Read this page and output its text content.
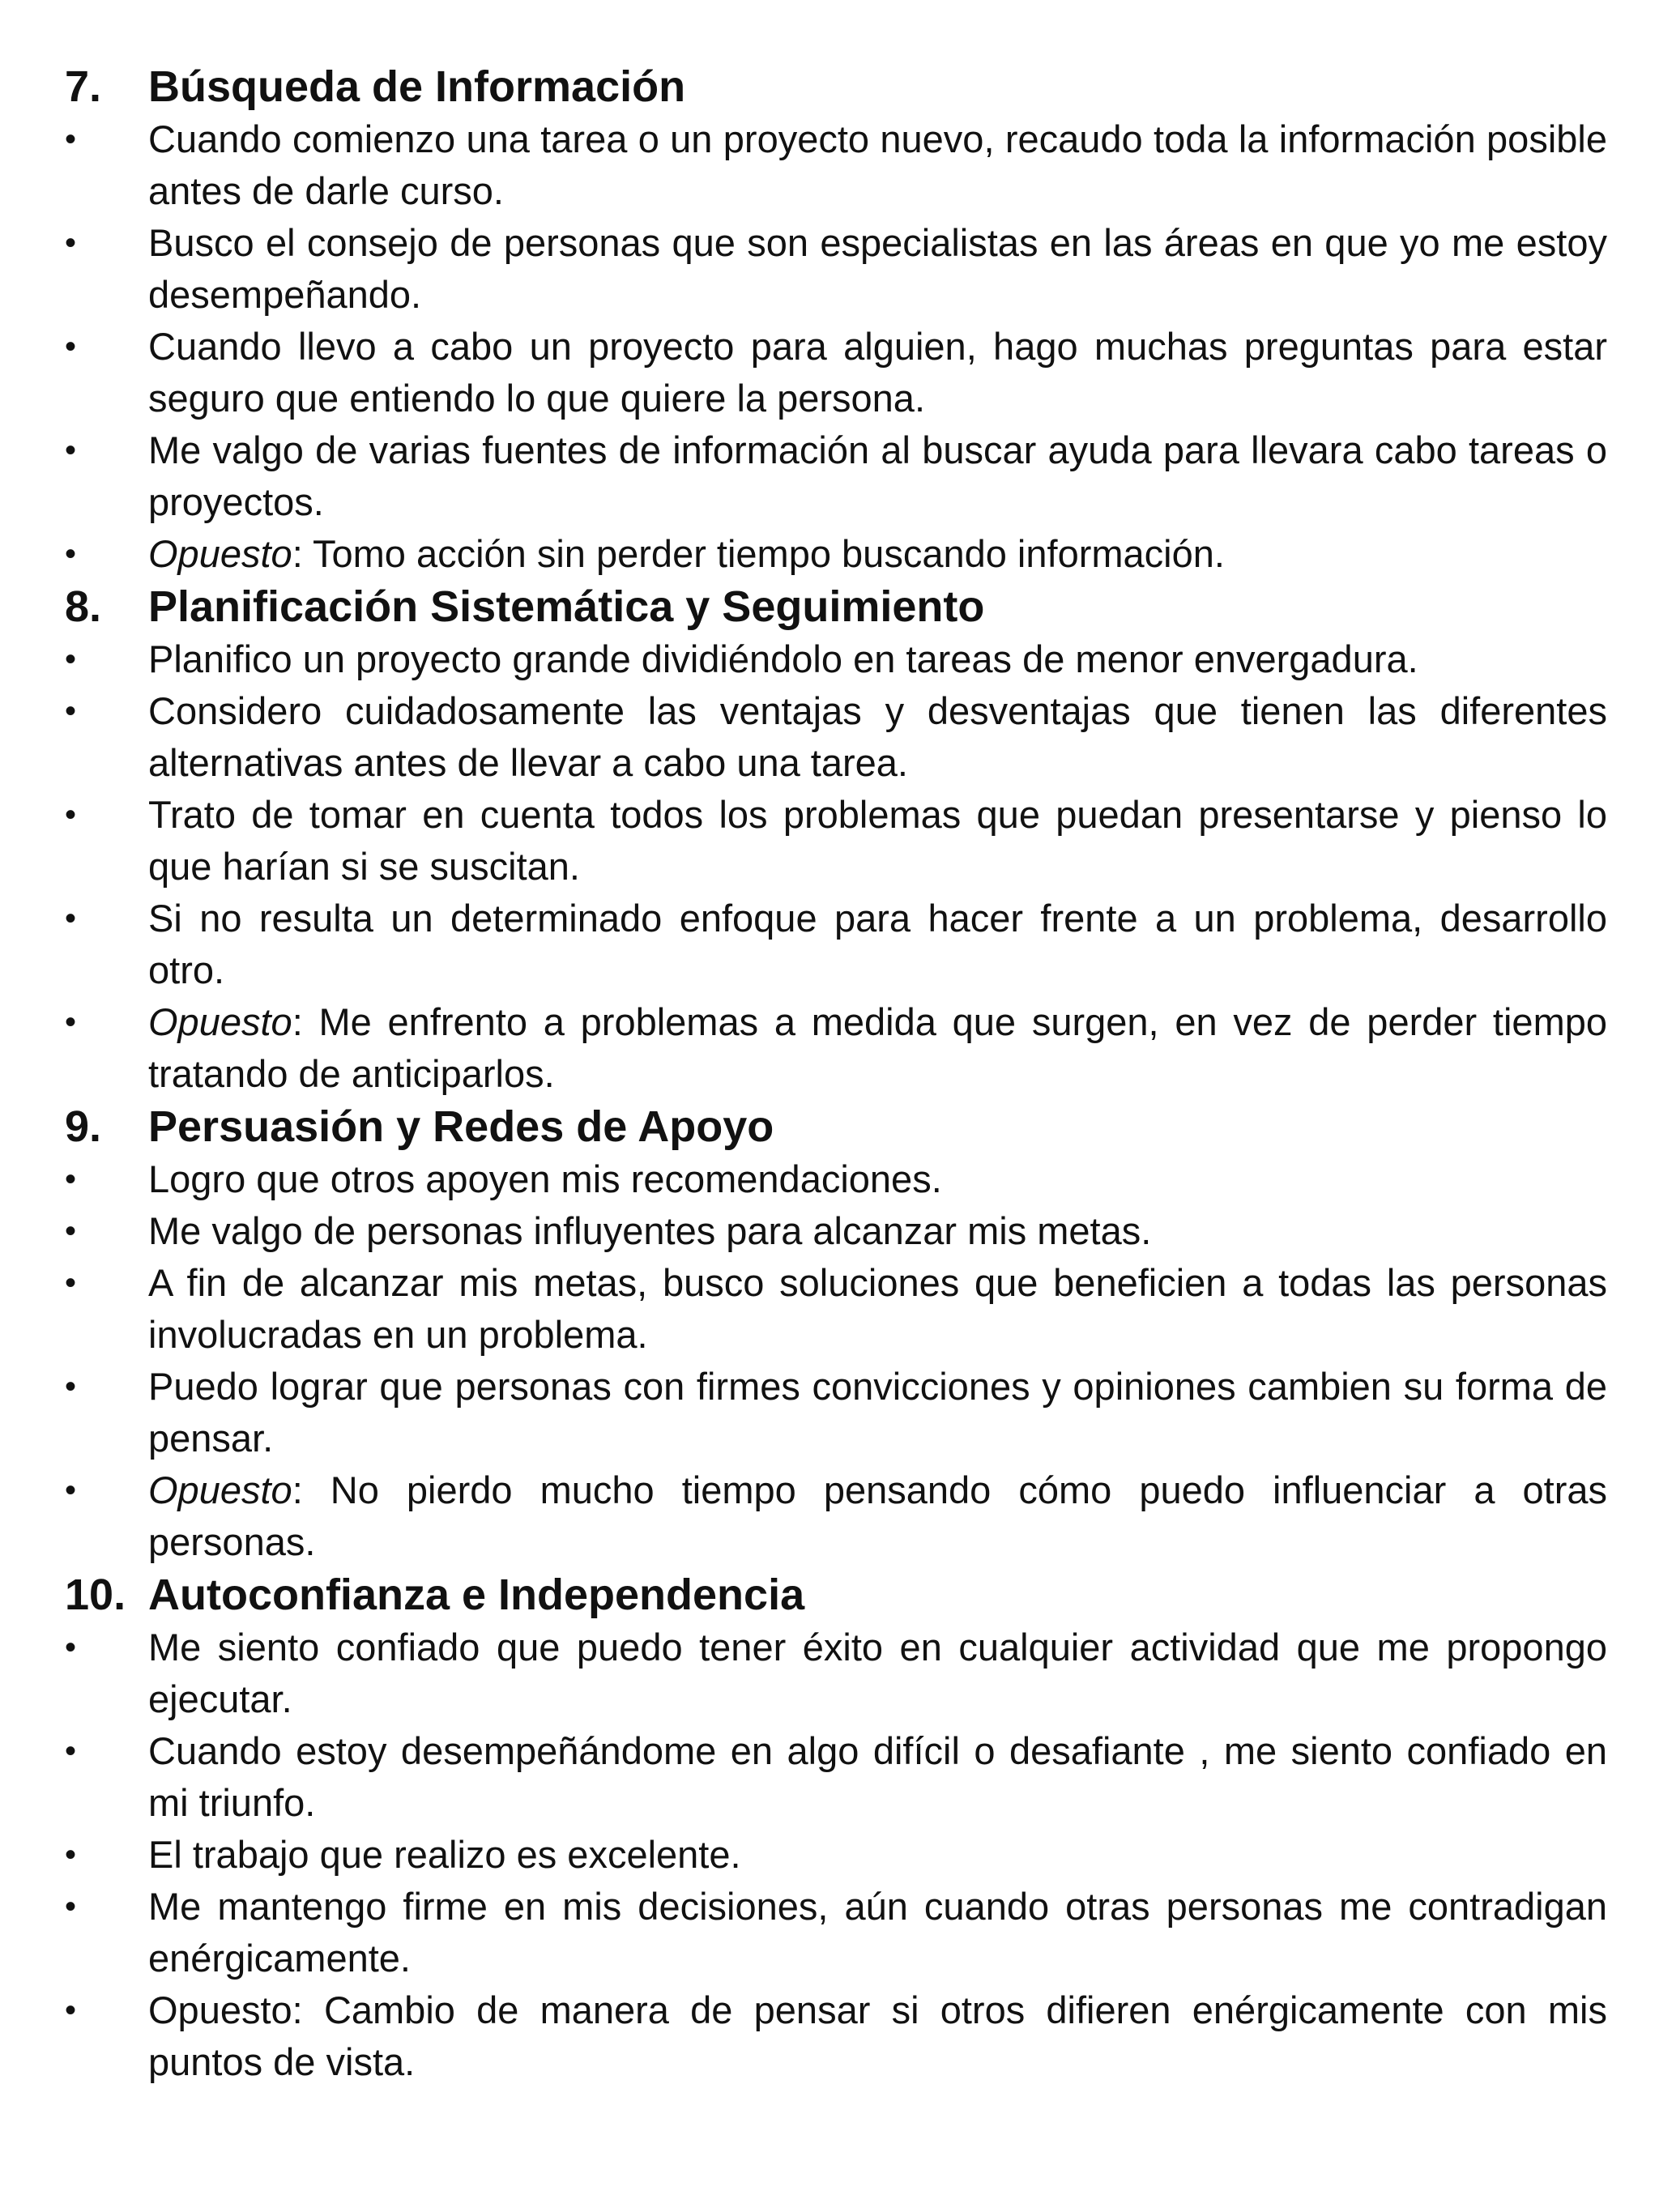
7.	Búsqueda de Información
•	Cuando comienzo una tarea o un proyecto nuevo, recaudo toda la información posible antes de darle curso.
•	Busco el consejo de personas que son especialistas en las áreas en que yo me estoy desempeñando.
•	Cuando llevo a cabo un proyecto para alguien, hago muchas preguntas para estar seguro que entiendo lo que quiere la persona.
•	Me valgo de varias fuentes de información al buscar ayuda para llevara cabo tareas o proyectos.
•	Opuesto: Tomo acción sin perder tiempo buscando información.
8.	Planificación Sistemática y Seguimiento
•	Planifico un proyecto grande dividiéndolo en tareas de menor envergadura.
•	Considero cuidadosamente las ventajas y desventajas que tienen las diferentes alternativas antes de llevar a cabo una tarea.
•	Trato de tomar en cuenta todos los problemas que puedan presentarse y pienso lo que harían si se suscitan.
•	Si no resulta un determinado enfoque para hacer frente a un problema, desarrollo otro.
•	Opuesto: Me enfrento a problemas a medida que surgen, en vez de perder tiempo tratando de anticiparlos.
9.	Persuasión y Redes de Apoyo
•	Logro que otros apoyen mis recomendaciones.
•	Me valgo de personas influyentes para alcanzar mis metas.
•	A fin de alcanzar mis metas, busco soluciones que beneficien a todas las personas involucradas en un problema.
•	Puedo lograr que personas con firmes convicciones y opiniones cambien su forma de pensar.
•	Opuesto: No pierdo mucho tiempo pensando cómo puedo influenciar a otras personas.
10. Autoconfianza e Independencia
•	Me siento confiado que puedo tener éxito en cualquier actividad que me propongo ejecutar.
•	Cuando estoy desempeñándome en algo difícil o desafiante , me siento confiado en mi triunfo.
•	El trabajo que realizo es excelente.
•	Me mantengo firme en mis decisiones, aún cuando otras personas me contradigan enérgicamente.
•	Opuesto: Cambio de manera de pensar si otros difieren enérgicamente con mis puntos de vista.
